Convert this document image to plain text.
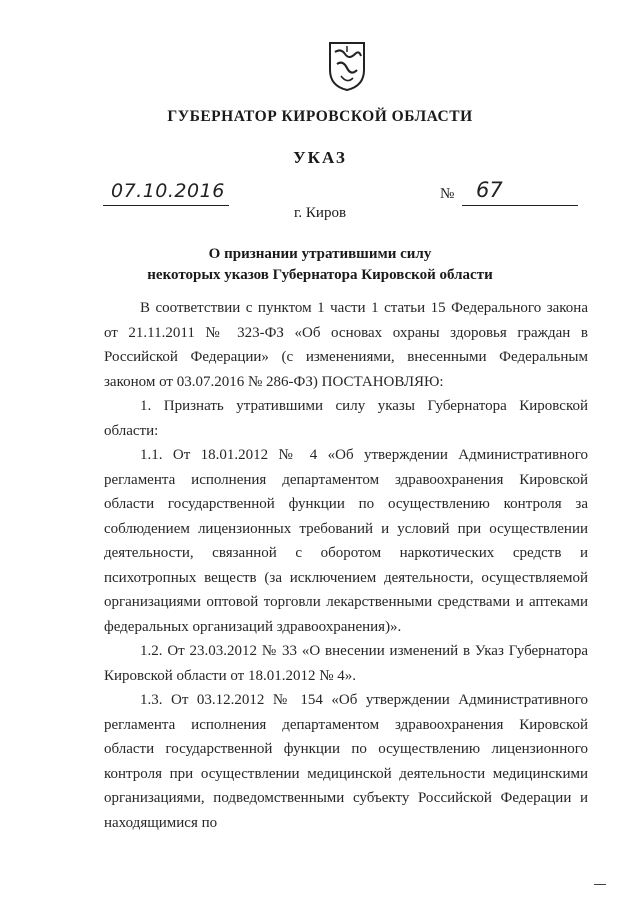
ГУБЕРНАТОР КИРОВСКОЙ ОБЛАСТИ
УКАЗ
07.10.2016	№ 67
г. Киров
О признании утратившими силу
некоторых указов Губернатора Кировской области

В соответствии с пунктом 1 части 1 статьи 15 Федерального закона от 21.11.2011 № 323-ФЗ «Об основах охраны здоровья граждан в Российской Федерации» (с изменениями, внесенными Федеральным законом от 03.07.2016 № 286-ФЗ) ПОСТАНОВЛЯЮ:

1. Признать утратившими силу указы Губернатора Кировской области:

1.1. От 18.01.2012 № 4 «Об утверждении Административного регламента исполнения департаментом здравоохранения Кировской области государственной функции по осуществлению контроля за соблюдением лицензионных требований и условий при осуществлении деятельности, связанной с оборотом наркотических средств и психотропных веществ (за исключением деятельности, осуществляемой организациями оптовой торговли лекарственными средствами и аптеками федеральных организаций здравоохранения)».

1.2. От 23.03.2012 № 33 «О внесении изменений в Указ Губернатора Кировской области от 18.01.2012 № 4».

1.3. От 03.12.2012 № 154 «Об утверждении Административного регламента исполнения департаментом здравоохранения Кировской области государственной функции по осуществлению лицензионного контроля при осуществлении медицинской деятельности медицинскими организациями, подведомственными субъекту Российской Федерации и находящимися по
